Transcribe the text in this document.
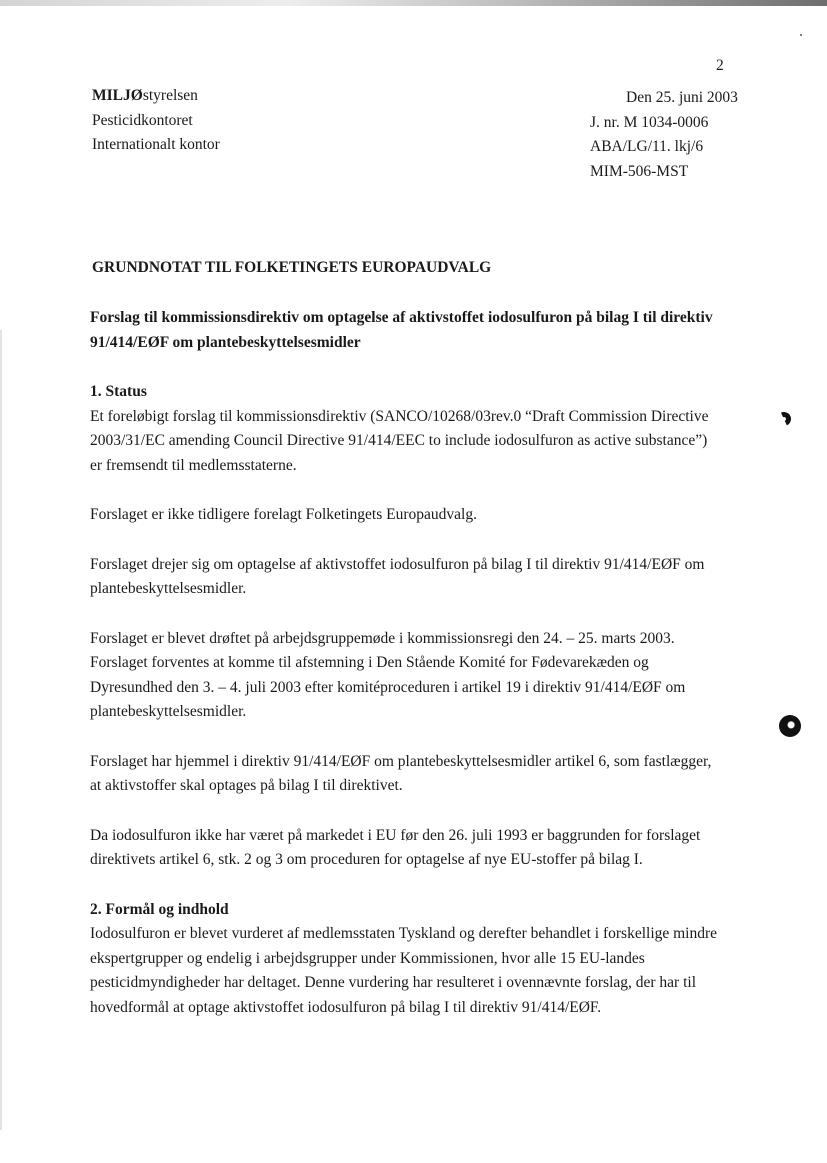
2
MILJØstyrelsen
Pesticidkontoret
Internationalt kontor
Den 25. juni 2003
J. nr. M 1034-0006
ABA/LG/11. lkj/6
MIM-506-MST
GRUNDNOTAT TIL FOLKETINGETS EUROPAUDVALG

Forslag til kommissionsdirektiv om optagelse af aktivstoffet iodosulfuron på bilag I til direktiv 91/414/EØF om plantebeskyttelsesmidler

1. Status

Et foreløbigt forslag til kommissionsdirektiv (SANCO/10268/03rev.0 “Draft Commission Directive 2003/31/EC amending Council Directive 91/414/EEC to include iodosulfuron as active substance”) er fremsendt til medlemsstaterne.

Forslaget er ikke tidligere forelagt Folketingets Europaudvalg.

Forslaget drejer sig om optagelse af aktivstoffet iodosulfuron på bilag I til direktiv 91/414/EØF om plantebeskyttelsesmidler.

Forslaget er blevet drøftet på arbejdsgruppemøde i kommissionsregi den 24. – 25. marts 2003.

Forslaget forventes at komme til afstemning i Den Stående Komité for Fødevarekæden og Dyresundhed den 3. – 4. juli 2003 efter komitéproceduren i artikel 19 i direktiv 91/414/EØF om plantebeskyttelsesmidler.

Forslaget har hjemmel i direktiv 91/414/EØF om plantebeskyttelsesmidler artikel 6, som fastlægger, at aktivstoffer skal optages på bilag I til direktivet.

Da iodosulfuron ikke har været på markedet i EU før den 26. juli 1993 er baggrunden for forslaget direktivets artikel 6, stk. 2 og 3 om proceduren for optagelse af nye EU-stoffer på bilag I.

2. Formål og indhold

Iodosulfuron er blevet vurderet af medlemsstaten Tyskland og derefter behandlet i forskellige mindre ekspertgrupper og endelig i arbejdsgrupper under Kommissionen, hvor alle 15 EU-landes pesticidmyndigheder har deltaget. Denne vurdering har resulteret i ovennævnte forslag, der har til hovedformål at optage aktivstoffet iodosulfuron på bilag I til direktiv 91/414/EØF.
